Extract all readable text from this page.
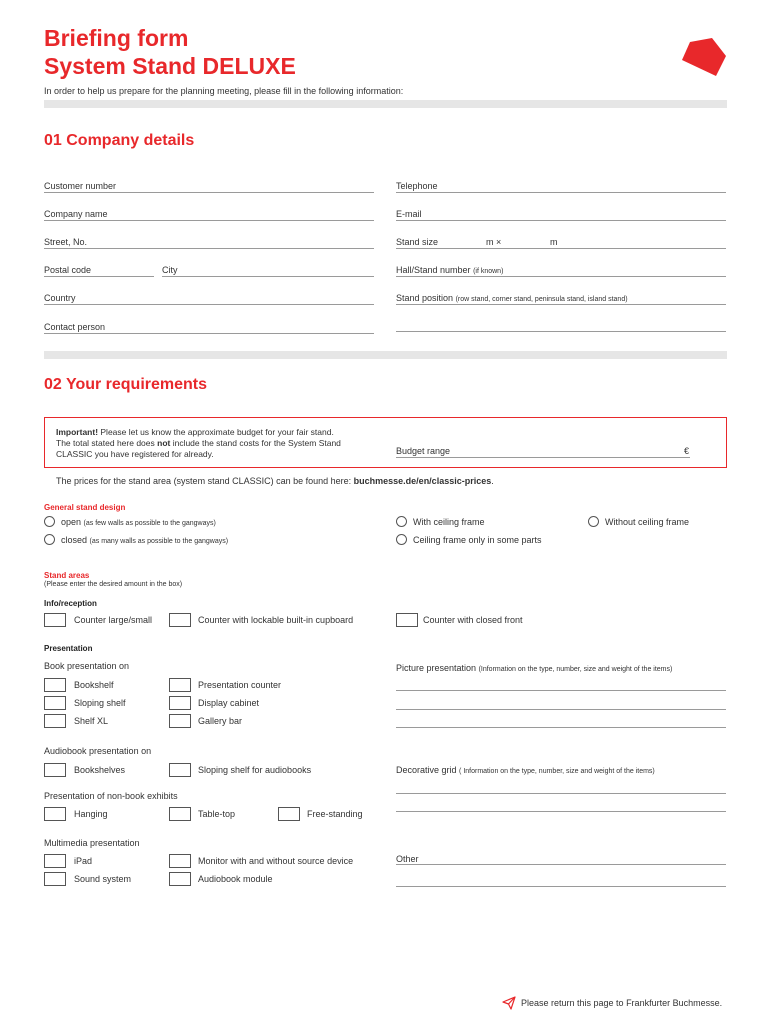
Briefing form
System Stand DELUXE
In order to help us prepare for the planning meeting, please fill in the following information:
01 Company details
Customer number	Telephone
Company name	E-mail
Street, No.	Stand size	m ×	m
Postal code	City	Hall/Stand number (if known)
Country	Stand position (row stand, corner stand, peninsula stand, island stand)
Contact person
02 Your requirements
Important! Please let us know the approximate budget for your fair stand.
The total stated here does not include the stand costs for the System Stand
CLASSIC you have registered for already.	Budget range	€
The prices for the stand area (system stand CLASSIC) can be found here: buchmesse.de/en/classic-prices.
General stand design
open (as few walls as possible to the gangways)	With ceiling frame	Without ceiling frame
closed (as many walls as possible to the gangways)	Ceiling frame only in some parts
Stand areas
(Please enter the desired amount in the box)
Info/reception
Counter large/small	Counter with lockable built-in cupboard	Counter with closed front
Presentation
Book presentation on	Picture presentation (Information on the type, number, size and weight of the items)
Bookshelf	Presentation counter
Sloping shelf	Display cabinet
Shelf XL	Gallery bar
Audiobook presentation on
Bookshelves	Sloping shelf for audiobooks	Decorative grid ( Information on the type, number, size and weight of the items)
Presentation of non-book exhibits
Hanging	Table-top	Free-standing
Multimedia presentation
iPad	Monitor with and without source device	Other
Sound system	Audiobook module
Please return this page to Frankfurter Buchmesse.
